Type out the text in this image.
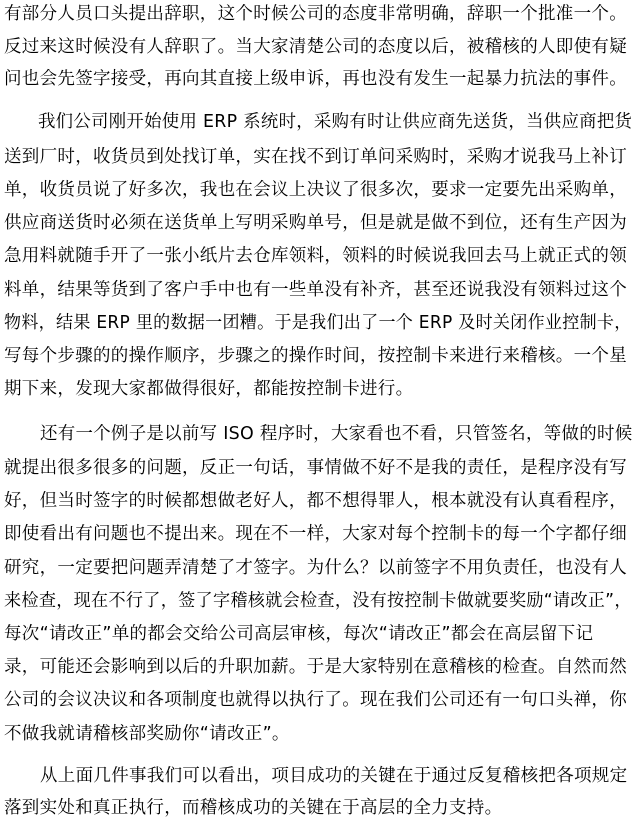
有部分人员口头提出辞职，这个时候公司的态度非常明确，辞职一个批准一个。
反过来这时候没有人辞职了。当大家清楚公司的态度以后，被稽核的人即使有疑
问也会先签字接受，再向其直接上级申诉，再也没有发生一起暴力抗法的事件。
我们公司刚开始使用 ERP 系统时，采购有时让供应商先送货，当供应商把货
送到厂时，收货员到处找订单，实在找不到订单问采购时，采购才说我马上补订
单，收货员说了好多次，我也在会议上决议了很多次，要求一定要先出采购单，
供应商送货时必须在送货单上写明采购单号，但是就是做不到位，还有生产因为
急用料就随手开了一张小纸片去仓库领料，领料的时候说我回去马上就正式的领
料单，结果等货到了客户手中也有一些单没有补齐，甚至还说我没有领料过这个
物料，结果 ERP 里的数据一团糟。于是我们出了一个 ERP 及时关闭作业控制卡，
写每个步骤的的操作顺序，步骤之的操作时间，按控制卡来进行来稽核。一个星
期下来，发现大家都做得很好，都能按控制卡进行。
还有一个例子是以前写 ISO 程序时，大家看也不看，只管签名，等做的时候
就提出很多很多的问题，反正一句话，事情做不好不是我的责任，是程序没有写
好，但当时签字的时候都想做老好人，都不想得罪人，根本就没有认真看程序，
即使看出有问题也不提出来。现在不一样，大家对每个控制卡的每一个字都仔细
研究，一定要把问题弄清楚了才签字。为什么？以前签字不用负责任，也没有人
来检查，现在不行了，签了字稽核就会检查，没有按控制卡做就要奖励“请改正”，
每次“请改正”单的都会交给公司高层审核，每次“请改正”都会在高层留下记
录，可能还会影响到以后的升职加薪。于是大家特别在意稽核的检查。自然而然
公司的会议决议和各项制度也就得以执行了。现在我们公司还有一句口头禅，你
不做我就请稽核部奖励你“请改正”。
从上面几件事我们可以看出，项目成功的关键在于通过反复稽核把各项规定
落到实处和真正执行，而稽核成功的关键在于高层的全力支持。
